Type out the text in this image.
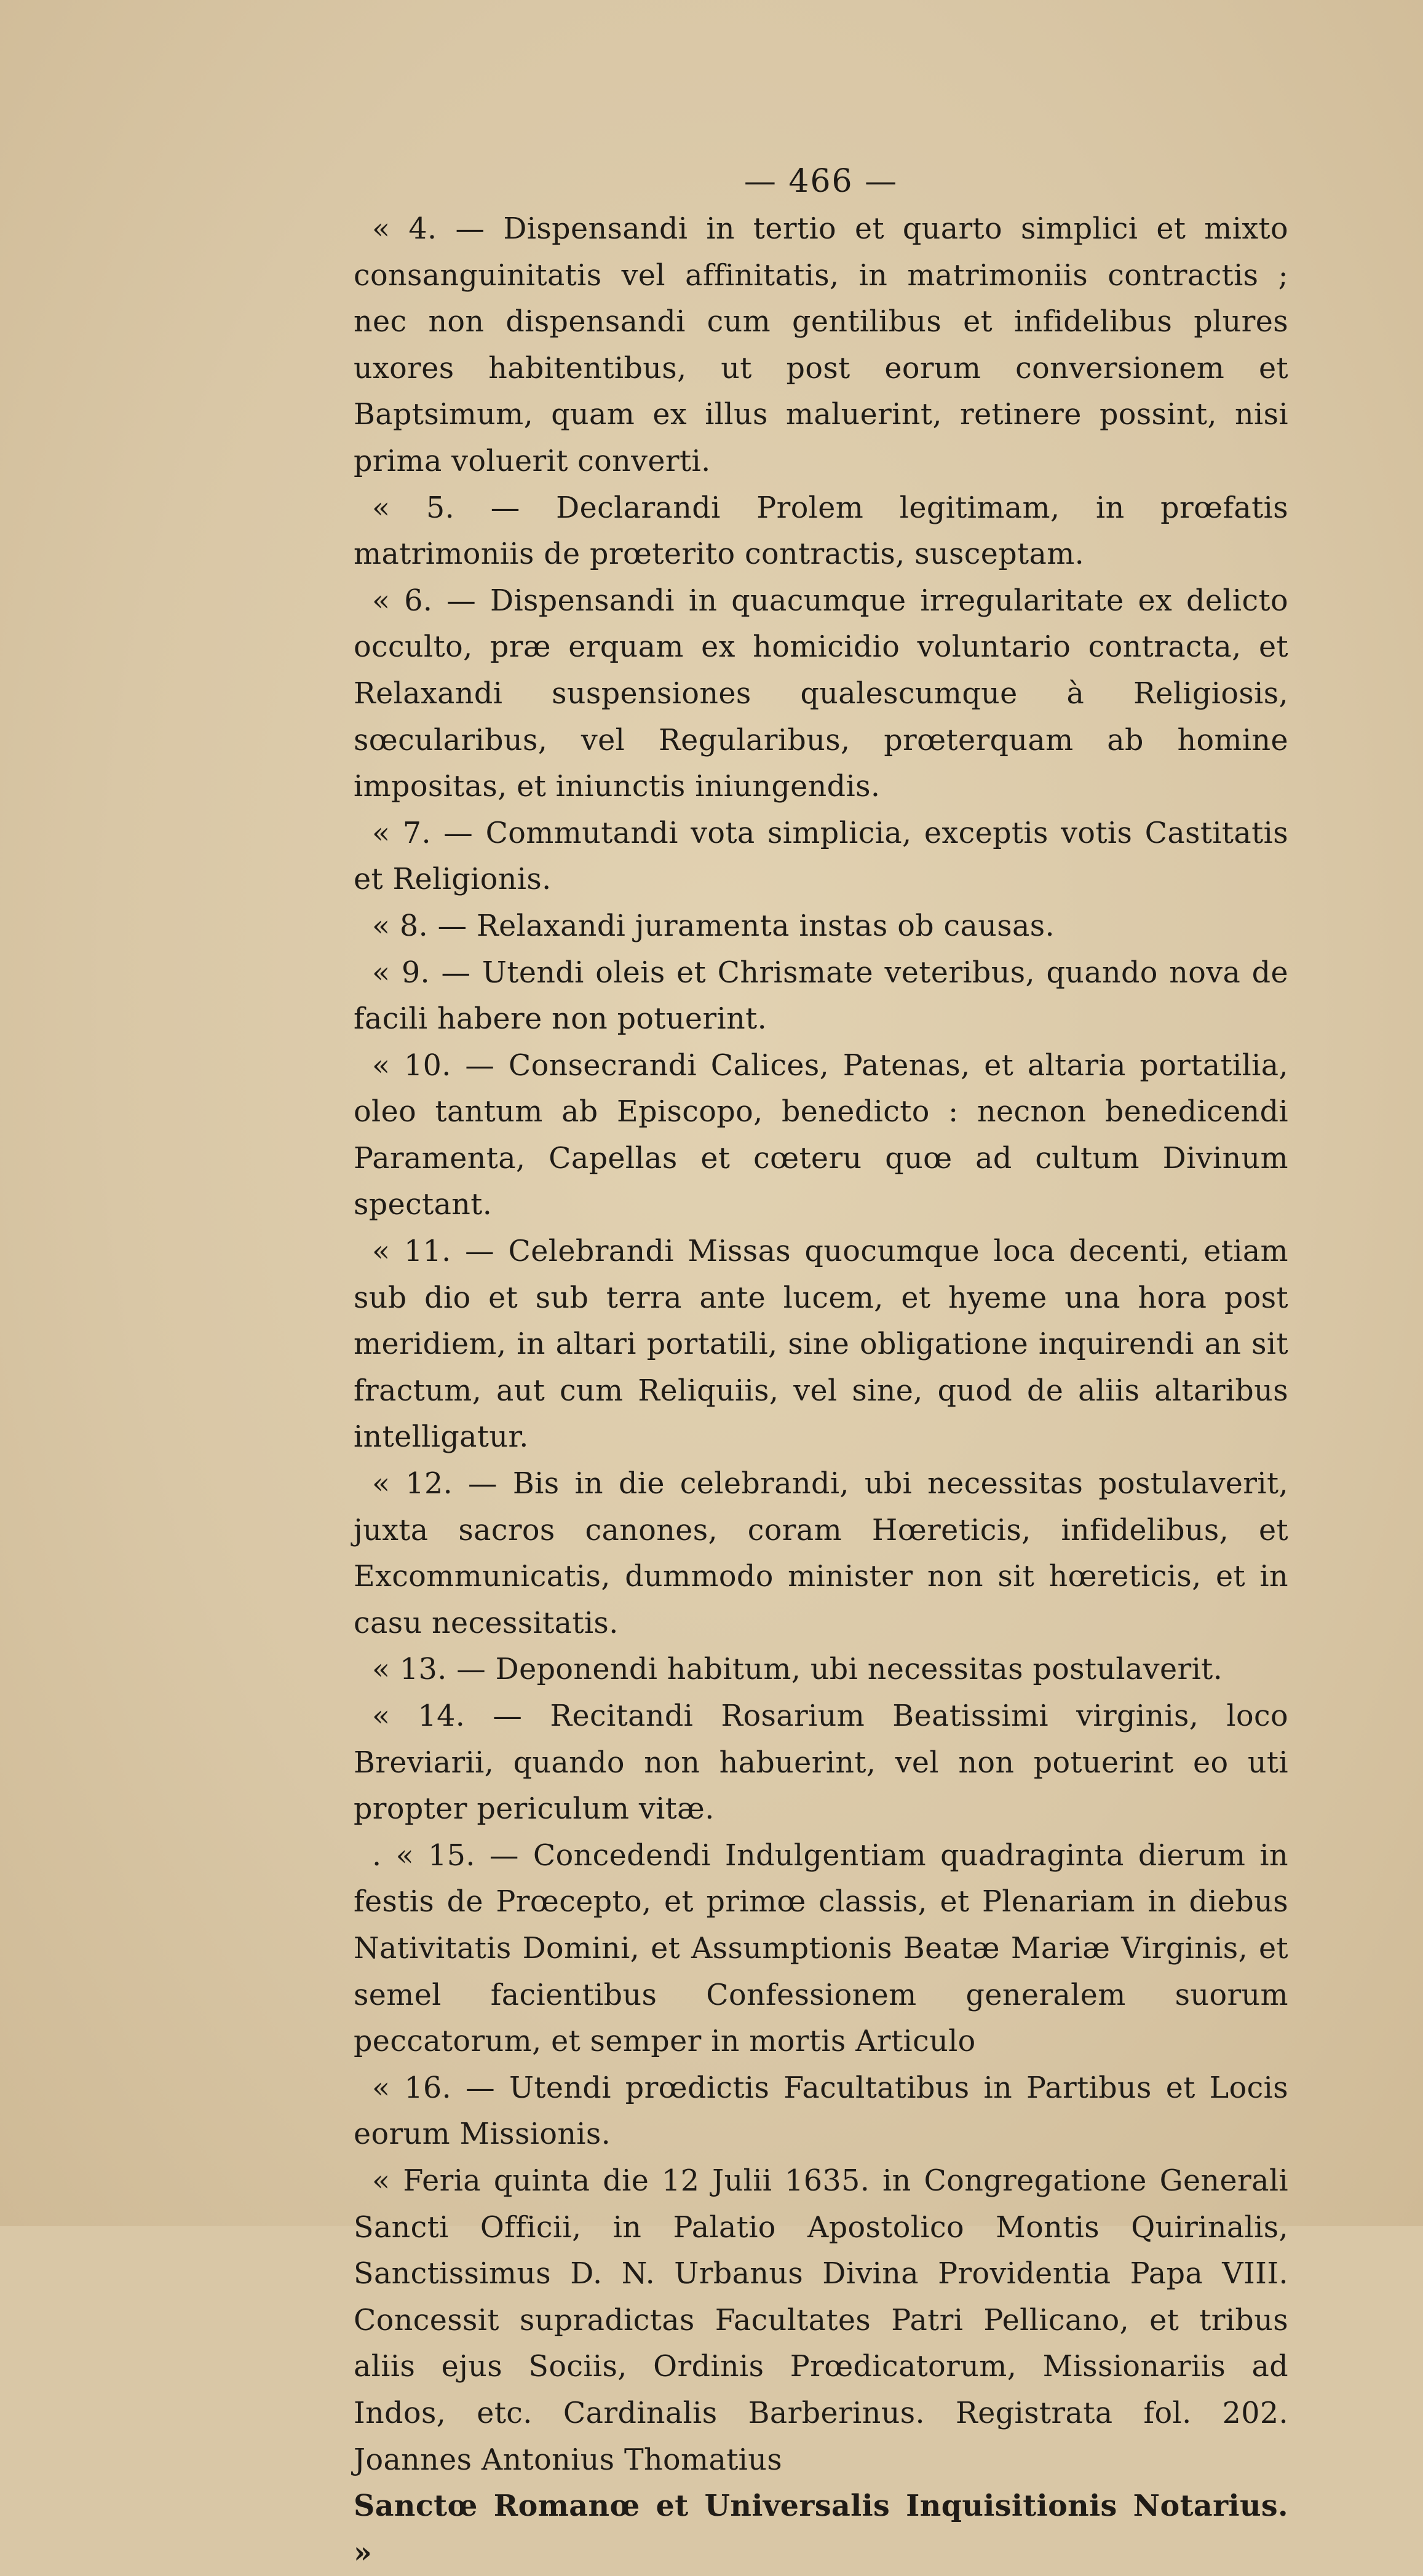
— 466 —

« 4. — Dispensandi in tertio et quarto simplici et mixto consanguinitatis vel affinitatis, in matrimoniis contractis ; nec non dispensandi cum gentilibus et infidelibus plures uxores habitentibus, ut post eorum conversionem et Baptsimum, quam ex illus maluerint, retinere possint, nisi prima voluerit converti.

« 5. — Declarandi Prolem legitimam, in prœfatis matrimoniis de prœterito contractis, susceptam.

« 6. — Dispensandi in quacumque irregularitate ex delicto occulto, præ erquam ex homicidio voluntario contracta, et Relaxandi suspensiones qualescumque à Religiosis, sœcularibus, vel Regularibus, prœterquam ab homine impositas, et iniunctis iniungendis.

« 7. — Commutandi vota simplicia, exceptis votis Castitatis et Religionis.

« 8. — Relaxandi juramenta instas ob causas.

« 9. — Utendi oleis et Chrismate veteribus, quando nova de facili habere non potuerint.

« 10. — Consecrandi Calices, Patenas, et altaria portatilia, oleo tantum ab Episcopo, benedicto : necnon benedicendi Paramenta, Capellas et cœteru quœ ad cultum Divinum spectant.

« 11. — Celebrandi Missas quocumque loca decenti, etiam sub dio et sub terra ante lucem, et hyeme una hora post meridiem, in altari portatili, sine obligatione inquirendi an sit fractum, aut cum Reliquiis, vel sine, quod de aliis altaribus intelligatur.

« 12. — Bis in die celebrandi, ubi necessitas postulaverit, juxta sacros canones, coram Hœreticis, infidelibus, et Excommunicatis, dummodo minister non sit hœreticis, et in casu necessitatis.

« 13. — Deponendi habitum, ubi necessitas postulaverit.

« 14. — Recitandi Rosarium Beatissimi virginis, loco Breviarii, quando non habuerint, vel non potuerint eo uti propter periculum vitæ.

. « 15. — Concedendi Indulgentiam quadraginta dierum in festis de Prœcepto, et primœ classis, et Plenariam in diebus Nativitatis Domini, et Assumptionis Beatæ Mariæ Virginis, et semel facientibus Confessionem generalem suorum peccatorum, et semper in mortis Articulo

« 16. — Utendi prœdictis Facultatibus in Partibus et Locis eorum Missionis.

« Feria quinta die 12 Julii 1635. in Congregatione Generali Sancti Officii, in Palatio Apostolico Montis Quirinalis, Sanctissimus D. N. Urbanus Divina Providentia Papa VIII. Concessit supradictas Facultates Patri Pellicano, et tribus aliis ejus Sociis, Ordinis Prœdicatorum, Missionariis ad Indos, etc. Cardinalis Barberinus. Registrata fol. 202. Joannes Antonius Thomatius

Sanctœ Romanœ et Universalis Inquisitionis Notarius. »
